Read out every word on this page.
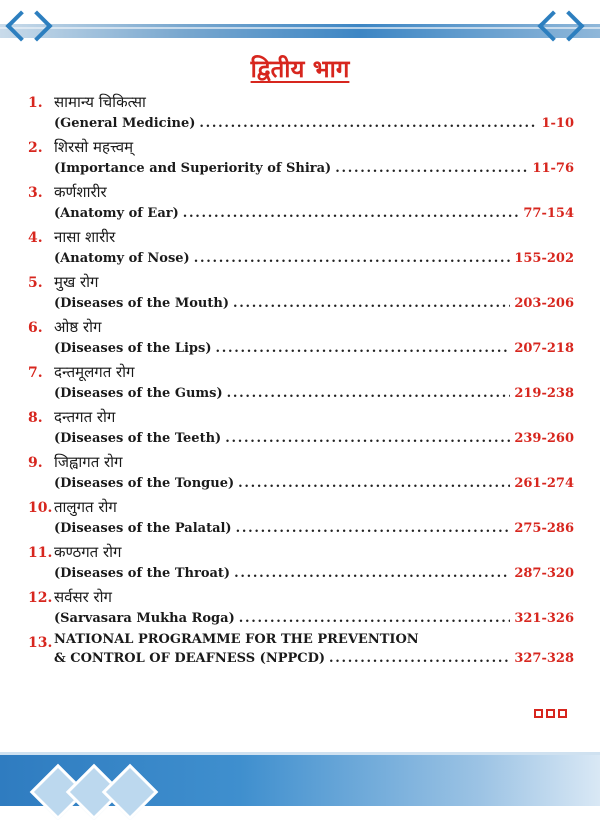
द्वितीय भाग
1. सामान्य चिकित्सा
(General Medicine) . . .	1-10
2. शिरसो महत्त्वम्
(Importance and Superiority of Shira) . . .	11-76
3. कर्णशारीर
(Anatomy of Ear) . . .	77-154
4. नासा शारीर
(Anatomy of Nose) . . .	155-202
5. मुख रोग
(Diseases of the Mouth) . . .	203-206
6. ओष्ठ रोग
(Diseases of the Lips) . . .	207-218
7. दन्तमूलगत रोग
(Diseases of the Gums) . . .	219-238
8. दन्तगत रोग
(Diseases of the Teeth) . . .	239-260
9. जिह्वागत रोग
(Diseases of the Tongue) . . .	261-274
10. तालुगत रोग
(Diseases of the Palatal) . . .	275-286
11. कण्ठगत रोग
(Diseases of the Throat) . . .	287-320
12. सर्वसर रोग
(Sarvasara Mukha Roga) . . .	321-326
13. NATIONAL PROGRAMME FOR THE PREVENTION
& CONTROL OF DEAFNESS (NPPCD) . . .	327-328
